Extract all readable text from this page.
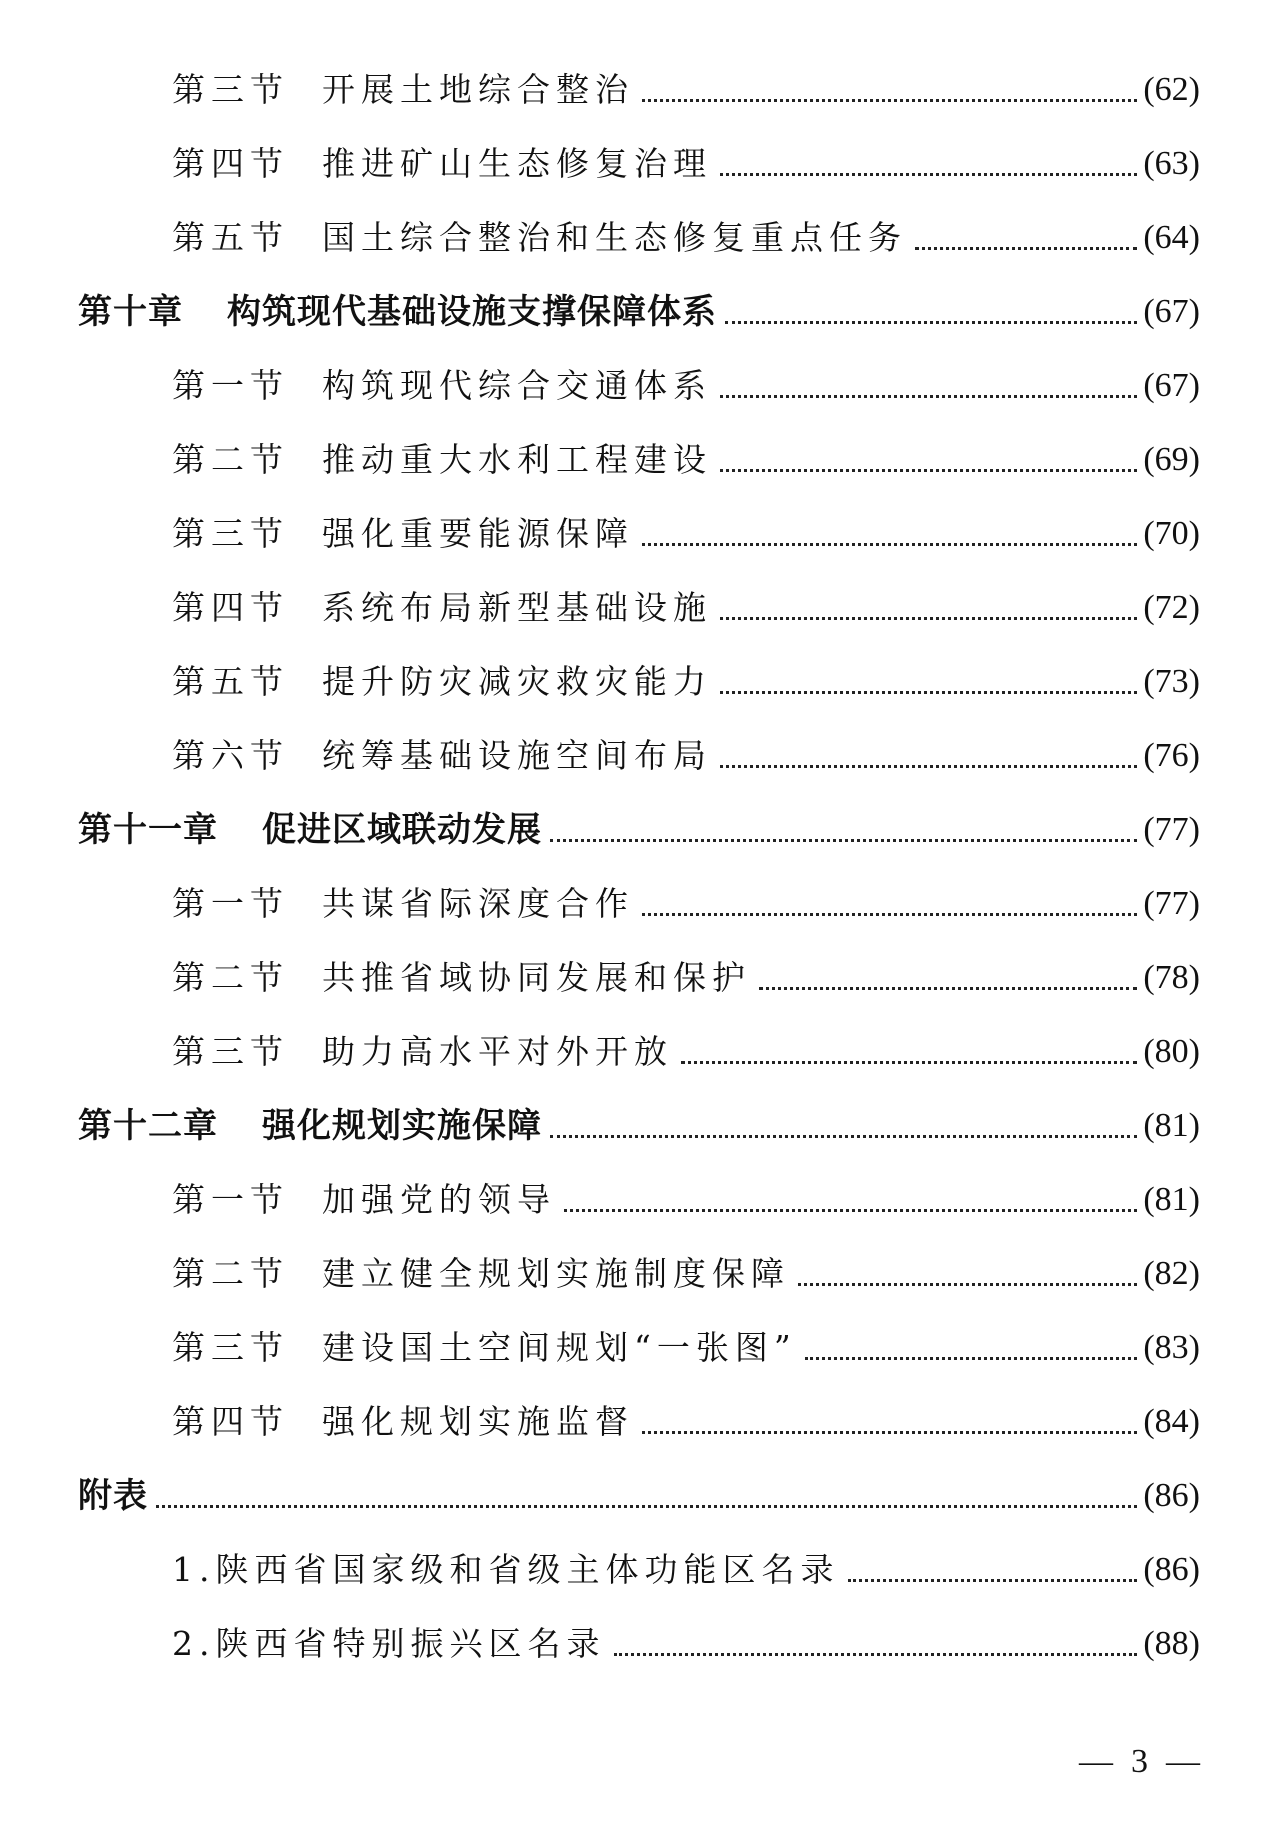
第三节	开展土地综合整治	(62)
第四节	推进矿山生态修复治理	(63)
第五节	国土综合整治和生态修复重点任务	(64)
第十章 构筑现代基础设施支撑保障体系	(67)
第一节	构筑现代综合交通体系	(67)
第二节	推动重大水利工程建设	(69)
第三节	强化重要能源保障	(70)
第四节	系统布局新型基础设施	(72)
第五节	提升防灾减灾救灾能力	(73)
第六节	统筹基础设施空间布局	(76)
第十一章 促进区域联动发展	(77)
第一节	共谋省际深度合作	(77)
第二节	共推省域协同发展和保护	(78)
第三节	助力高水平对外开放	(80)
第十二章 强化规划实施保障	(81)
第一节	加强党的领导	(81)
第二节	建立健全规划实施制度保障	(82)
第三节	建设国土空间规划“一张图”	(83)
第四节	强化规划实施监督	(84)
附表	(86)
1.陕西省国家级和省级主体功能区名录	(86)
2.陕西省特别振兴区名录	(88)
— 3 —
